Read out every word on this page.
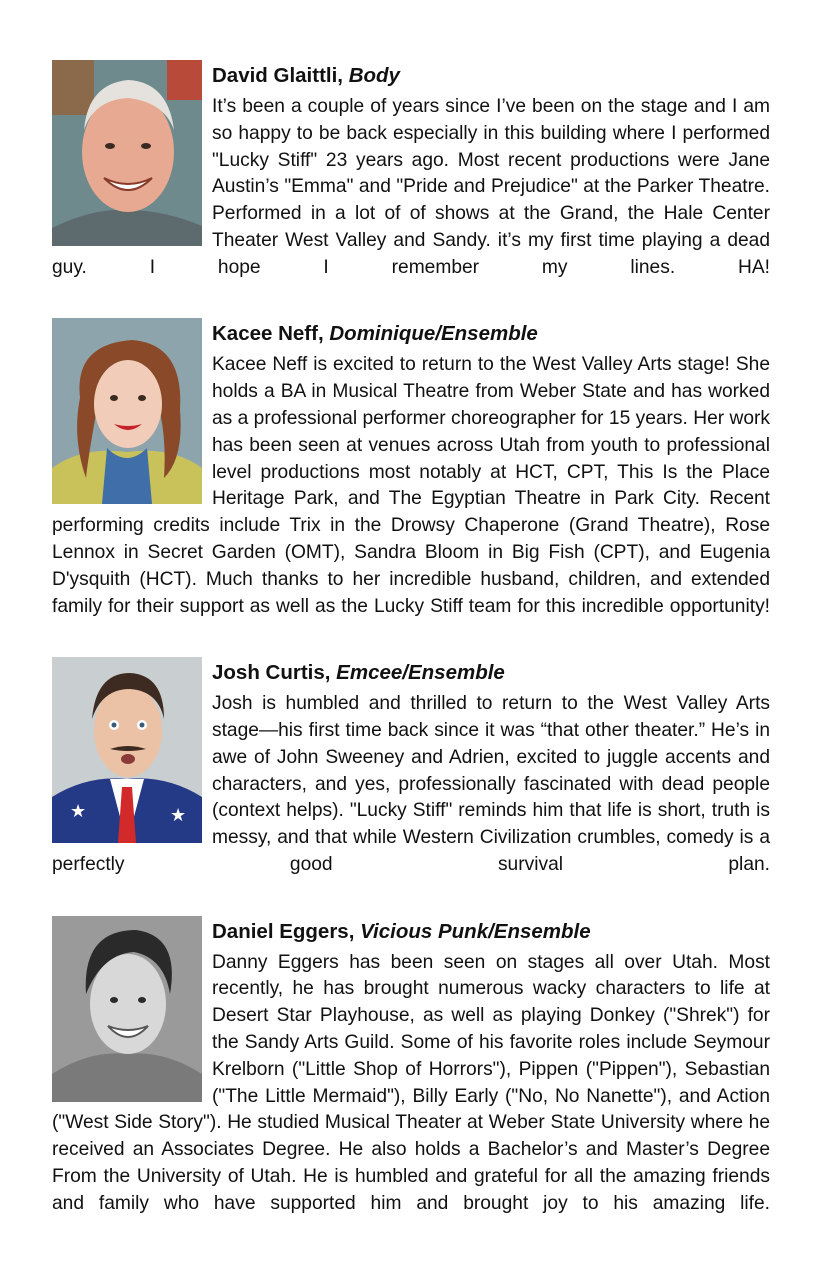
David Glaittli, Body

It’s been a couple of years since I’ve been on the stage and I am so happy to be back especially in this building where I performed "Lucky Stiff" 23 years ago. Most recent productions were Jane Austin’s "Emma" and "Pride and Prejudice" at the Parker Theatre. Performed in a lot of of shows at the Grand, the Hale Center Theater West Valley and Sandy. it’s my first time playing a dead guy. I hope I remember my lines. HA!

Kacee Neff, Dominique/Ensemble

Kacee Neff is excited to return to the West Valley Arts stage! She holds a BA in Musical Theatre from Weber State and has worked as a professional performer choreographer for 15 years. Her work has been seen at venues across Utah from youth to professional level productions most notably at HCT, CPT, This Is the Place Heritage Park, and The Egyptian Theatre in Park City. Recent performing credits include Trix in the Drowsy Chaperone (Grand Theatre), Rose Lennox in Secret Garden (OMT), Sandra Bloom in Big Fish (CPT), and Eugenia D'ysquith (HCT). Much thanks to her incredible husband, children, and extended family for their support as well as the Lucky Stiff team for this incredible opportunity!

★	★
Josh Curtis, Emcee/Ensemble

Josh is humbled and thrilled to return to the West Valley Arts stage—his first time back since it was “that other theater.” He’s in awe of John Sweeney and Adrien, excited to juggle accents and characters, and yes, professionally fascinated with dead people (context helps). "Lucky Stiff" reminds him that life is short, truth is messy, and that while Western Civilization crumbles, comedy is a perfectly good survival plan.

Daniel Eggers, Vicious Punk/Ensemble

Danny Eggers has been seen on stages all over Utah. Most recently, he has brought numerous wacky characters to life at Desert Star Playhouse, as well as playing Donkey ("Shrek") for the Sandy Arts Guild. Some of his favorite roles include Seymour Krelborn ("Little Shop of Horrors"), Pippen ("Pippen"), Sebastian ("The Little Mermaid"), Billy Early ("No, No Nanette"), and Action ("West Side Story"). He studied Musical Theater at Weber State University where he received an Associates Degree. He also holds a Bachelor’s and Master’s Degree From the University of Utah. He is humbled and grateful for all the amazing friends and family who have supported him and brought joy to his amazing life.
